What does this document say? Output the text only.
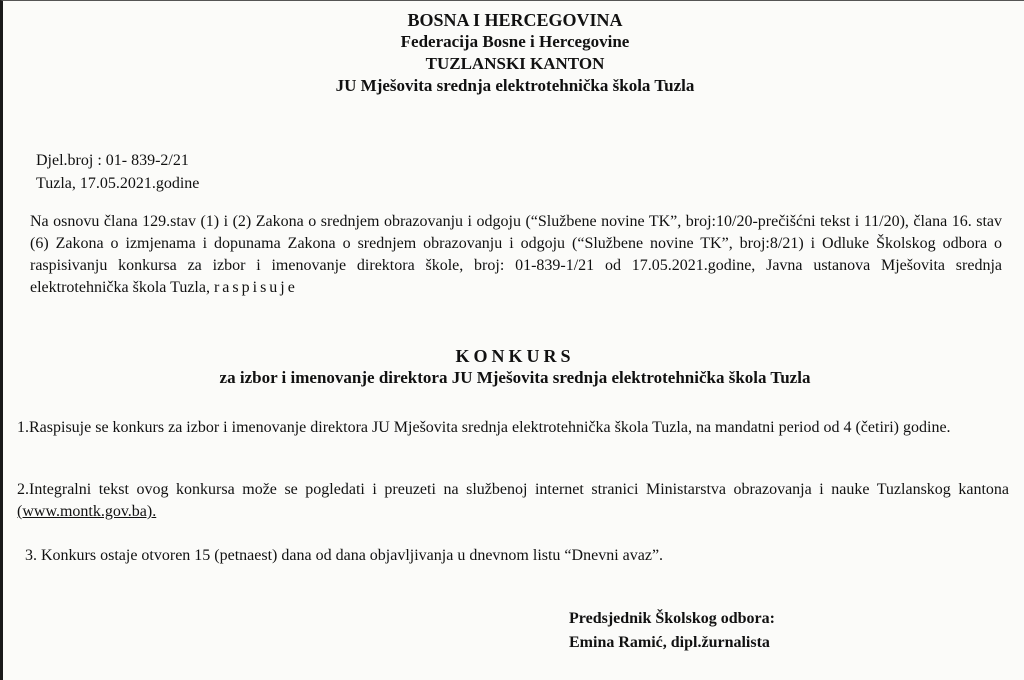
BOSNA I HERCEGOVINA
Federacija Bosne i Hercegovine
TUZLANSKI KANTON
JU Mješovita srednja elektrotehnička škola Tuzla
Djel.broj : 01- 839-2/21
Tuzla, 17.05.2021.godine
Na osnovu člana 129.stav (1) i (2) Zakona o srednjem obrazovanju i odgoju (“Službene novine TK”, broj:10/20-prečišćni tekst i 11/20), člana 16. stav (6) Zakona o izmjenama i dopunama Zakona o srednjem obrazovanju i odgoju (“Službene novine TK”, broj:8/21) i Odluke Školskog odbora o raspisivanju konkursa za izbor i imenovanje direktora škole, broj: 01-839-1/21 od 17.05.2021.godine, Javna ustanova Mješovita srednja elektrotehnička škola Tuzla, raspisuje
KONKURS
za izbor i imenovanje direktora JU Mješovita srednja elektrotehnička škola Tuzla
1.Raspisuje se konkurs za izbor i imenovanje direktora JU Mješovita srednja elektrotehnička škola Tuzla, na mandatni period od 4 (četiri) godine.
2.Integralni tekst ovog konkursa može se pogledati i preuzeti na službenoj internet stranici Ministarstva obrazovanja i nauke Tuzlanskog kantona (www.montk.gov.ba).
3. Konkurs ostaje otvoren 15 (petnaest) dana od dana objavljivanja u dnevnom listu “Dnevni avaz”.
Predsjednik Školskog odbora:
Emina Ramić, dipl.žurnalista
